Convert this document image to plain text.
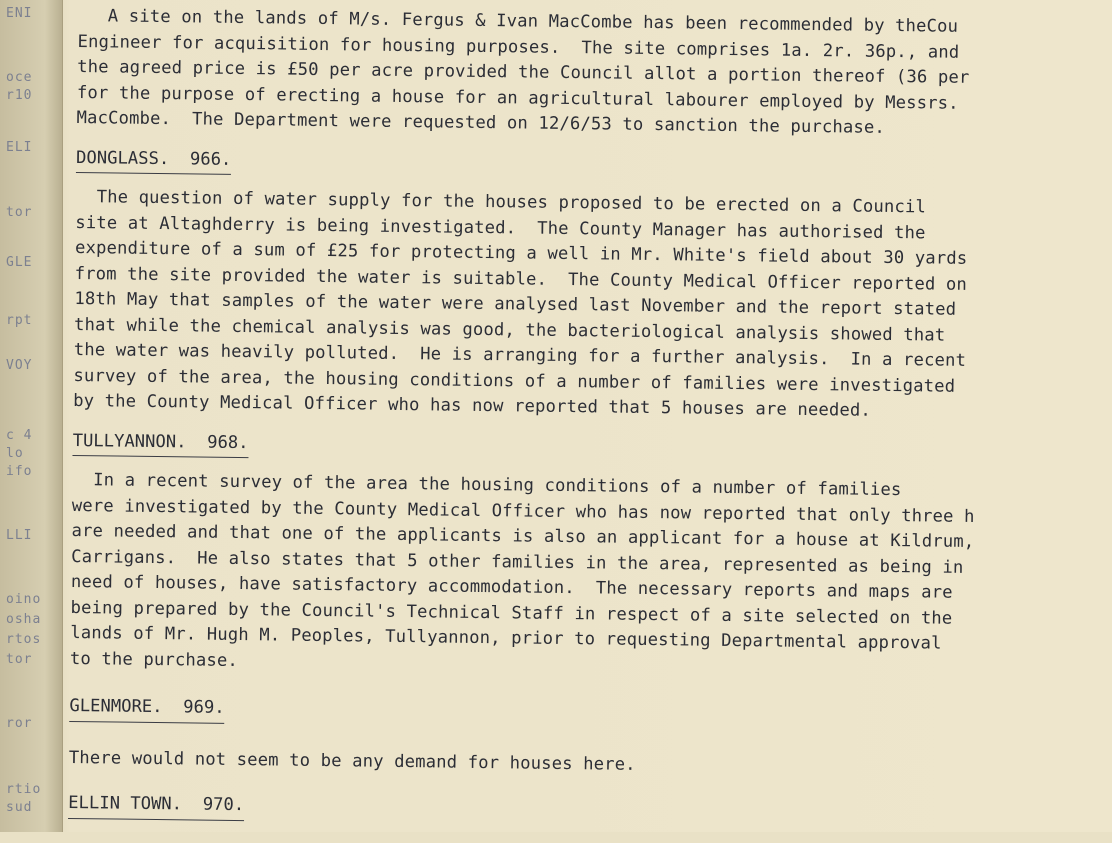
ENI
oce
r10
ELI
tor
GLE
rpt
VOY
c 4
lo
ifo
LLI
oino
osha
rtos
tor
ror
rtio
sud
A site on the lands of M/s. Fergus & Ivan MacCombe has been recommended by theCou
Engineer for acquisition for housing purposes.  The site comprises 1a. 2r. 36p., and
the agreed price is £50 per acre provided the Council allot a portion thereof (36 per
for the purpose of erecting a house for an agricultural labourer employed by Messrs.
MacCombe.  The Department were requested on 12/6/53 to sanction the purchase.
DONGLASS.  966.
The question of water supply for the houses proposed to be erected on a Council
site at Altaghderry is being investigated.  The County Manager has authorised the
expenditure of a sum of £25 for protecting a well in Mr. White's field about 30 yards
from the site provided the water is suitable.  The County Medical Officer reported on
18th May that samples of the water were analysed last November and the report stated
that while the chemical analysis was good, the bacteriological analysis showed that
the water was heavily polluted.  He is arranging for a further analysis.  In a recent
survey of the area, the housing conditions of a number of families were investigated
by the County Medical Officer who has now reported that 5 houses are needed.
TULLYANNON.  968.
In a recent survey of the area the housing conditions of a number of families
were investigated by the County Medical Officer who has now reported that only three h
are needed and that one of the applicants is also an applicant for a house at Kildrum,
Carrigans.  He also states that 5 other families in the area, represented as being in
need of houses, have satisfactory accommodation.  The necessary reports and maps are
being prepared by the Council's Technical Staff in respect of a site selected on the
lands of Mr. Hugh M. Peoples, Tullyannon, prior to requesting Departmental approval
to the purchase.
GLENMORE.  969.
There would not seem to be any demand for houses here.
ELLIN TOWN.  970.
